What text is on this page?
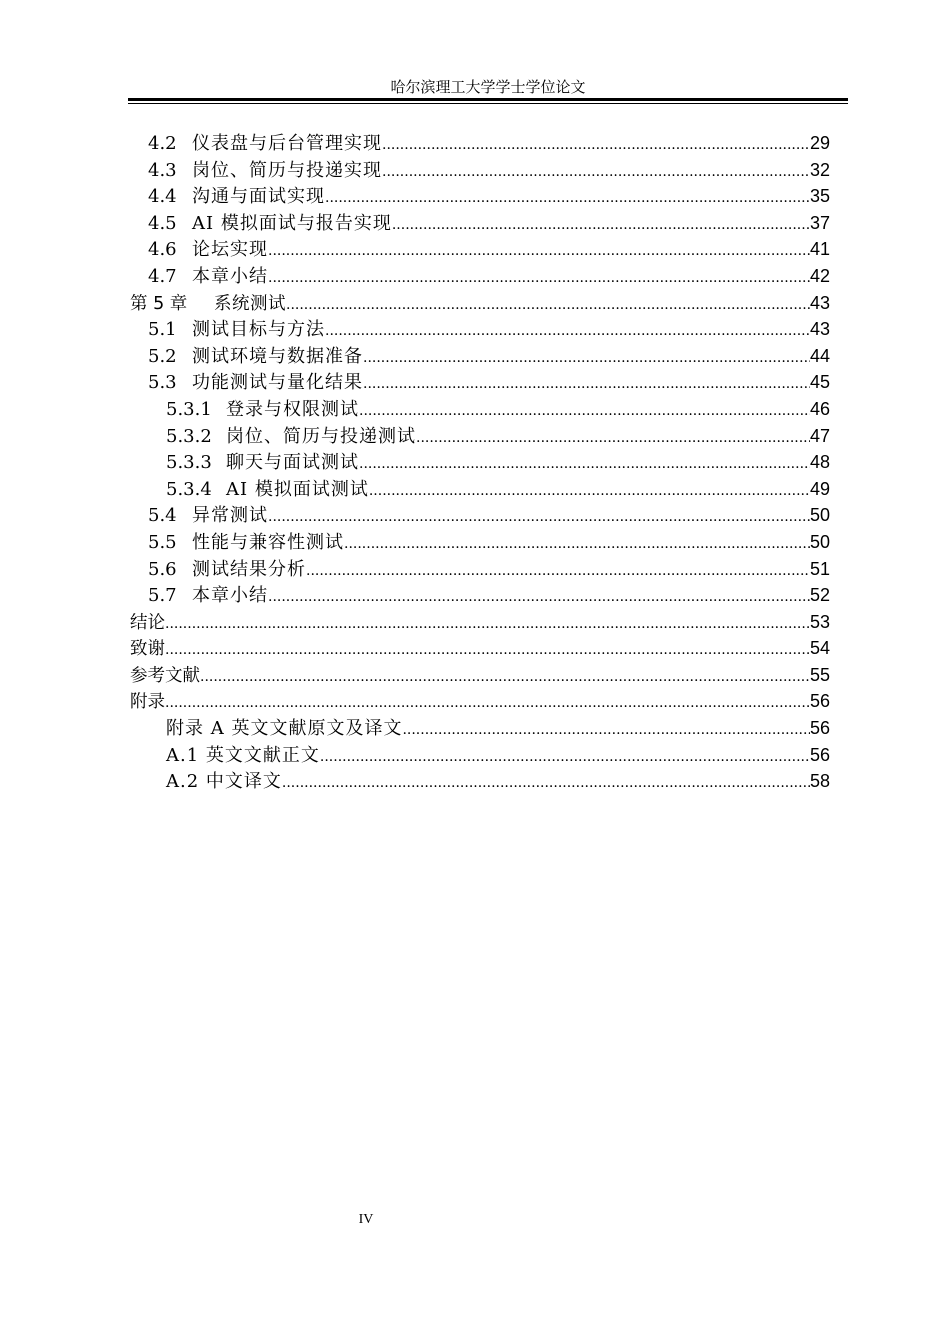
哈尔滨理工大学学士学位论文
4.2 仪表盘与后台管理实现 .....	29
4.3 岗位、简历与投递实现 .....	32
4.4 沟通与面试实现 .....	35
4.5 AI 模拟面试与报告实现 .....	37
4.6 论坛实现 .....	41
4.7 本章小结 .....	42
第 5 章	系统测试 .....	43
5.1 测试目标与方法 .....	43
5.2 测试环境与数据准备 .....	44
5.3 功能测试与量化结果 .....	45
5.3.1 登录与权限测试 .....	46
5.3.2 岗位、简历与投递测试 .....	47
5.3.3 聊天与面试测试 .....	48
5.3.4 AI 模拟面试测试 .....	49
5.4 异常测试 .....	50
5.5 性能与兼容性测试 .....	50
5.6 测试结果分析 .....	51
5.7 本章小结 .....	52
结论 .....	53
致谢 .....	54
参考文献 .....	55
附录 .....	56
附录 A 英文文献原文及译文 .....	56
A.1 英文文献正文 .....	56
A.2 中文译文 .....	58
IV
